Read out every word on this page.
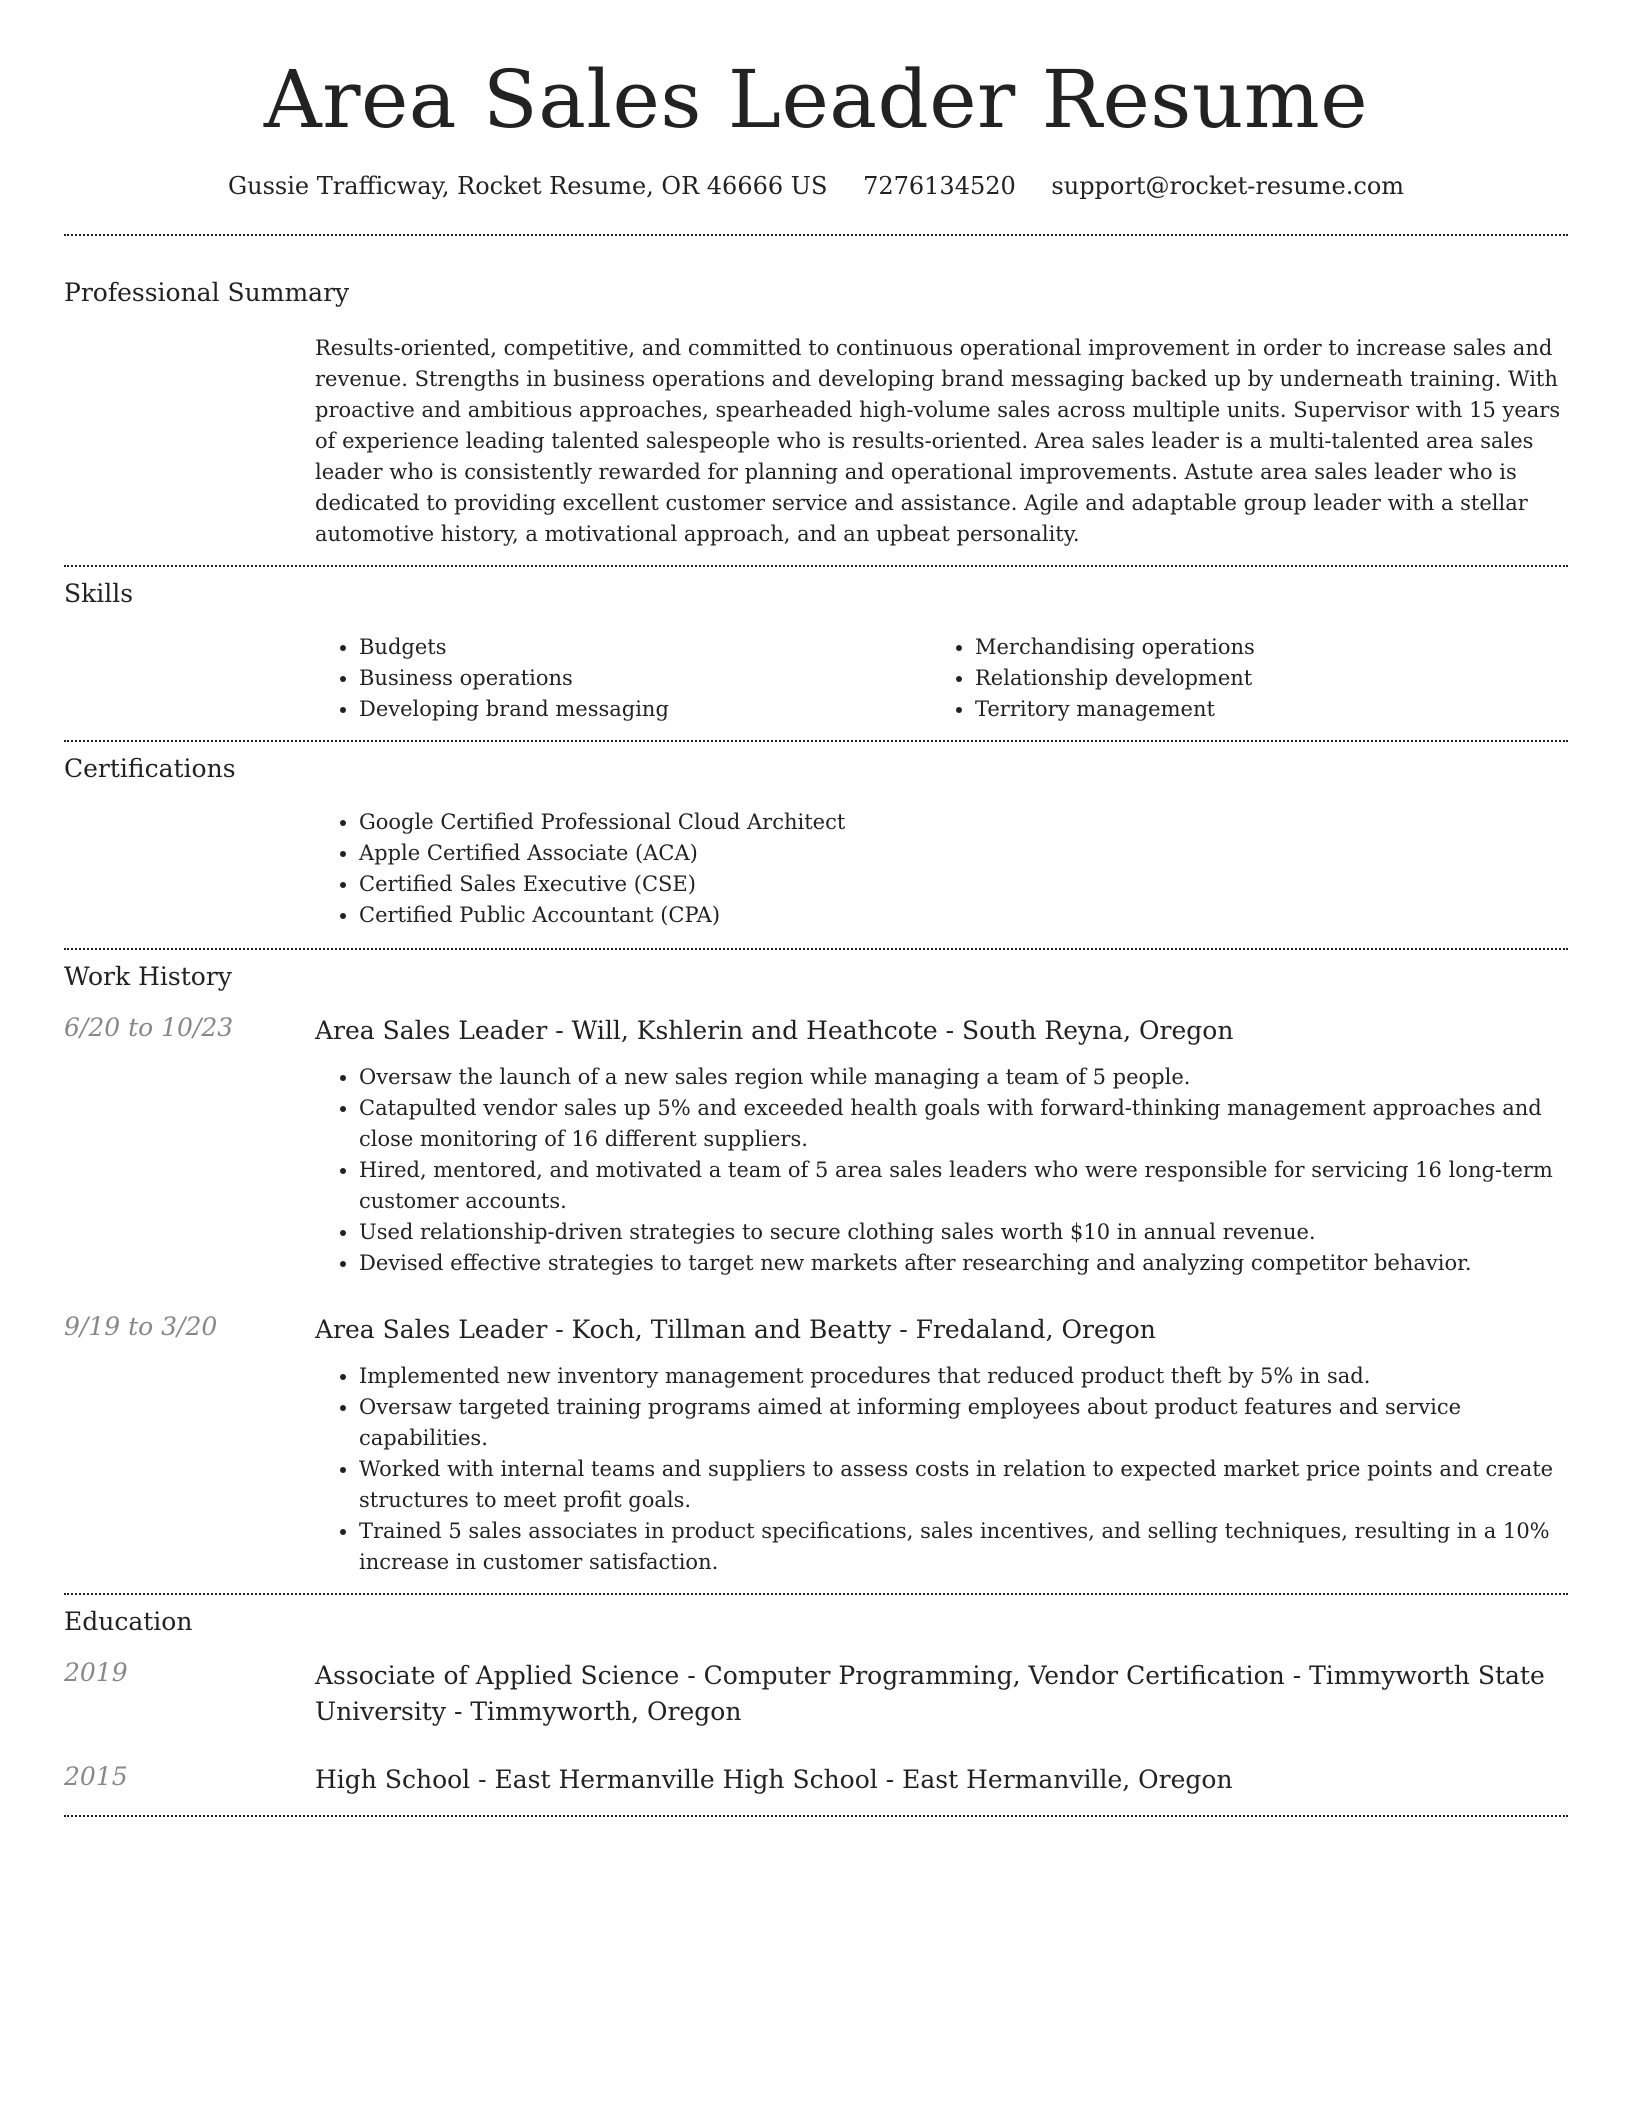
Area Sales Leader Resume
Gussie Trafficway, Rocket Resume, OR 46666 US 7276134520 support@rocket-resume.com
Professional Summary
Results-oriented, competitive, and committed to continuous operational improvement in order to increase sales and revenue. Strengths in business operations and developing brand messaging backed up by underneath training. With proactive and ambitious approaches, spearheaded high-volume sales across multiple units. Supervisor with 15 years of experience leading talented salespeople who is results-oriented. Area sales leader is a multi-talented area sales leader who is consistently rewarded for planning and operational improvements. Astute area sales leader who is dedicated to providing excellent customer service and assistance. Agile and adaptable group leader with a stellar automotive history, a motivational approach, and an upbeat personality.
Skills
• Budgets
• Business operations
• Developing brand messaging
• Merchandising operations
• Relationship development
• Territory management
Certifications
• Google Certified Professional Cloud Architect
• Apple Certified Associate (ACA)
• Certified Sales Executive (CSE)
• Certified Public Accountant (CPA)
Work History
6/20 to 10/23	Area Sales Leader - Will, Kshlerin and Heathcote - South Reyna, Oregon
• Oversaw the launch of a new sales region while managing a team of 5 people.
• Catapulted vendor sales up 5% and exceeded health goals with forward-thinking management approaches and close monitoring of 16 different suppliers.
• Hired, mentored, and motivated a team of 5 area sales leaders who were responsible for servicing 16 long-term customer accounts.
• Used relationship-driven strategies to secure clothing sales worth $10 in annual revenue.
• Devised effective strategies to target new markets after researching and analyzing competitor behavior.
9/19 to 3/20	Area Sales Leader - Koch, Tillman and Beatty - Fredaland, Oregon
• Implemented new inventory management procedures that reduced product theft by 5% in sad.
• Oversaw targeted training programs aimed at informing employees about product features and service capabilities.
• Worked with internal teams and suppliers to assess costs in relation to expected market price points and create structures to meet profit goals.
• Trained 5 sales associates in product specifications, sales incentives, and selling techniques, resulting in a 10% increase in customer satisfaction.
Education
2019	Associate of Applied Science - Computer Programming, Vendor Certification - Timmyworth State University - Timmyworth, Oregon
2015	High School - East Hermanville High School - East Hermanville, Oregon
